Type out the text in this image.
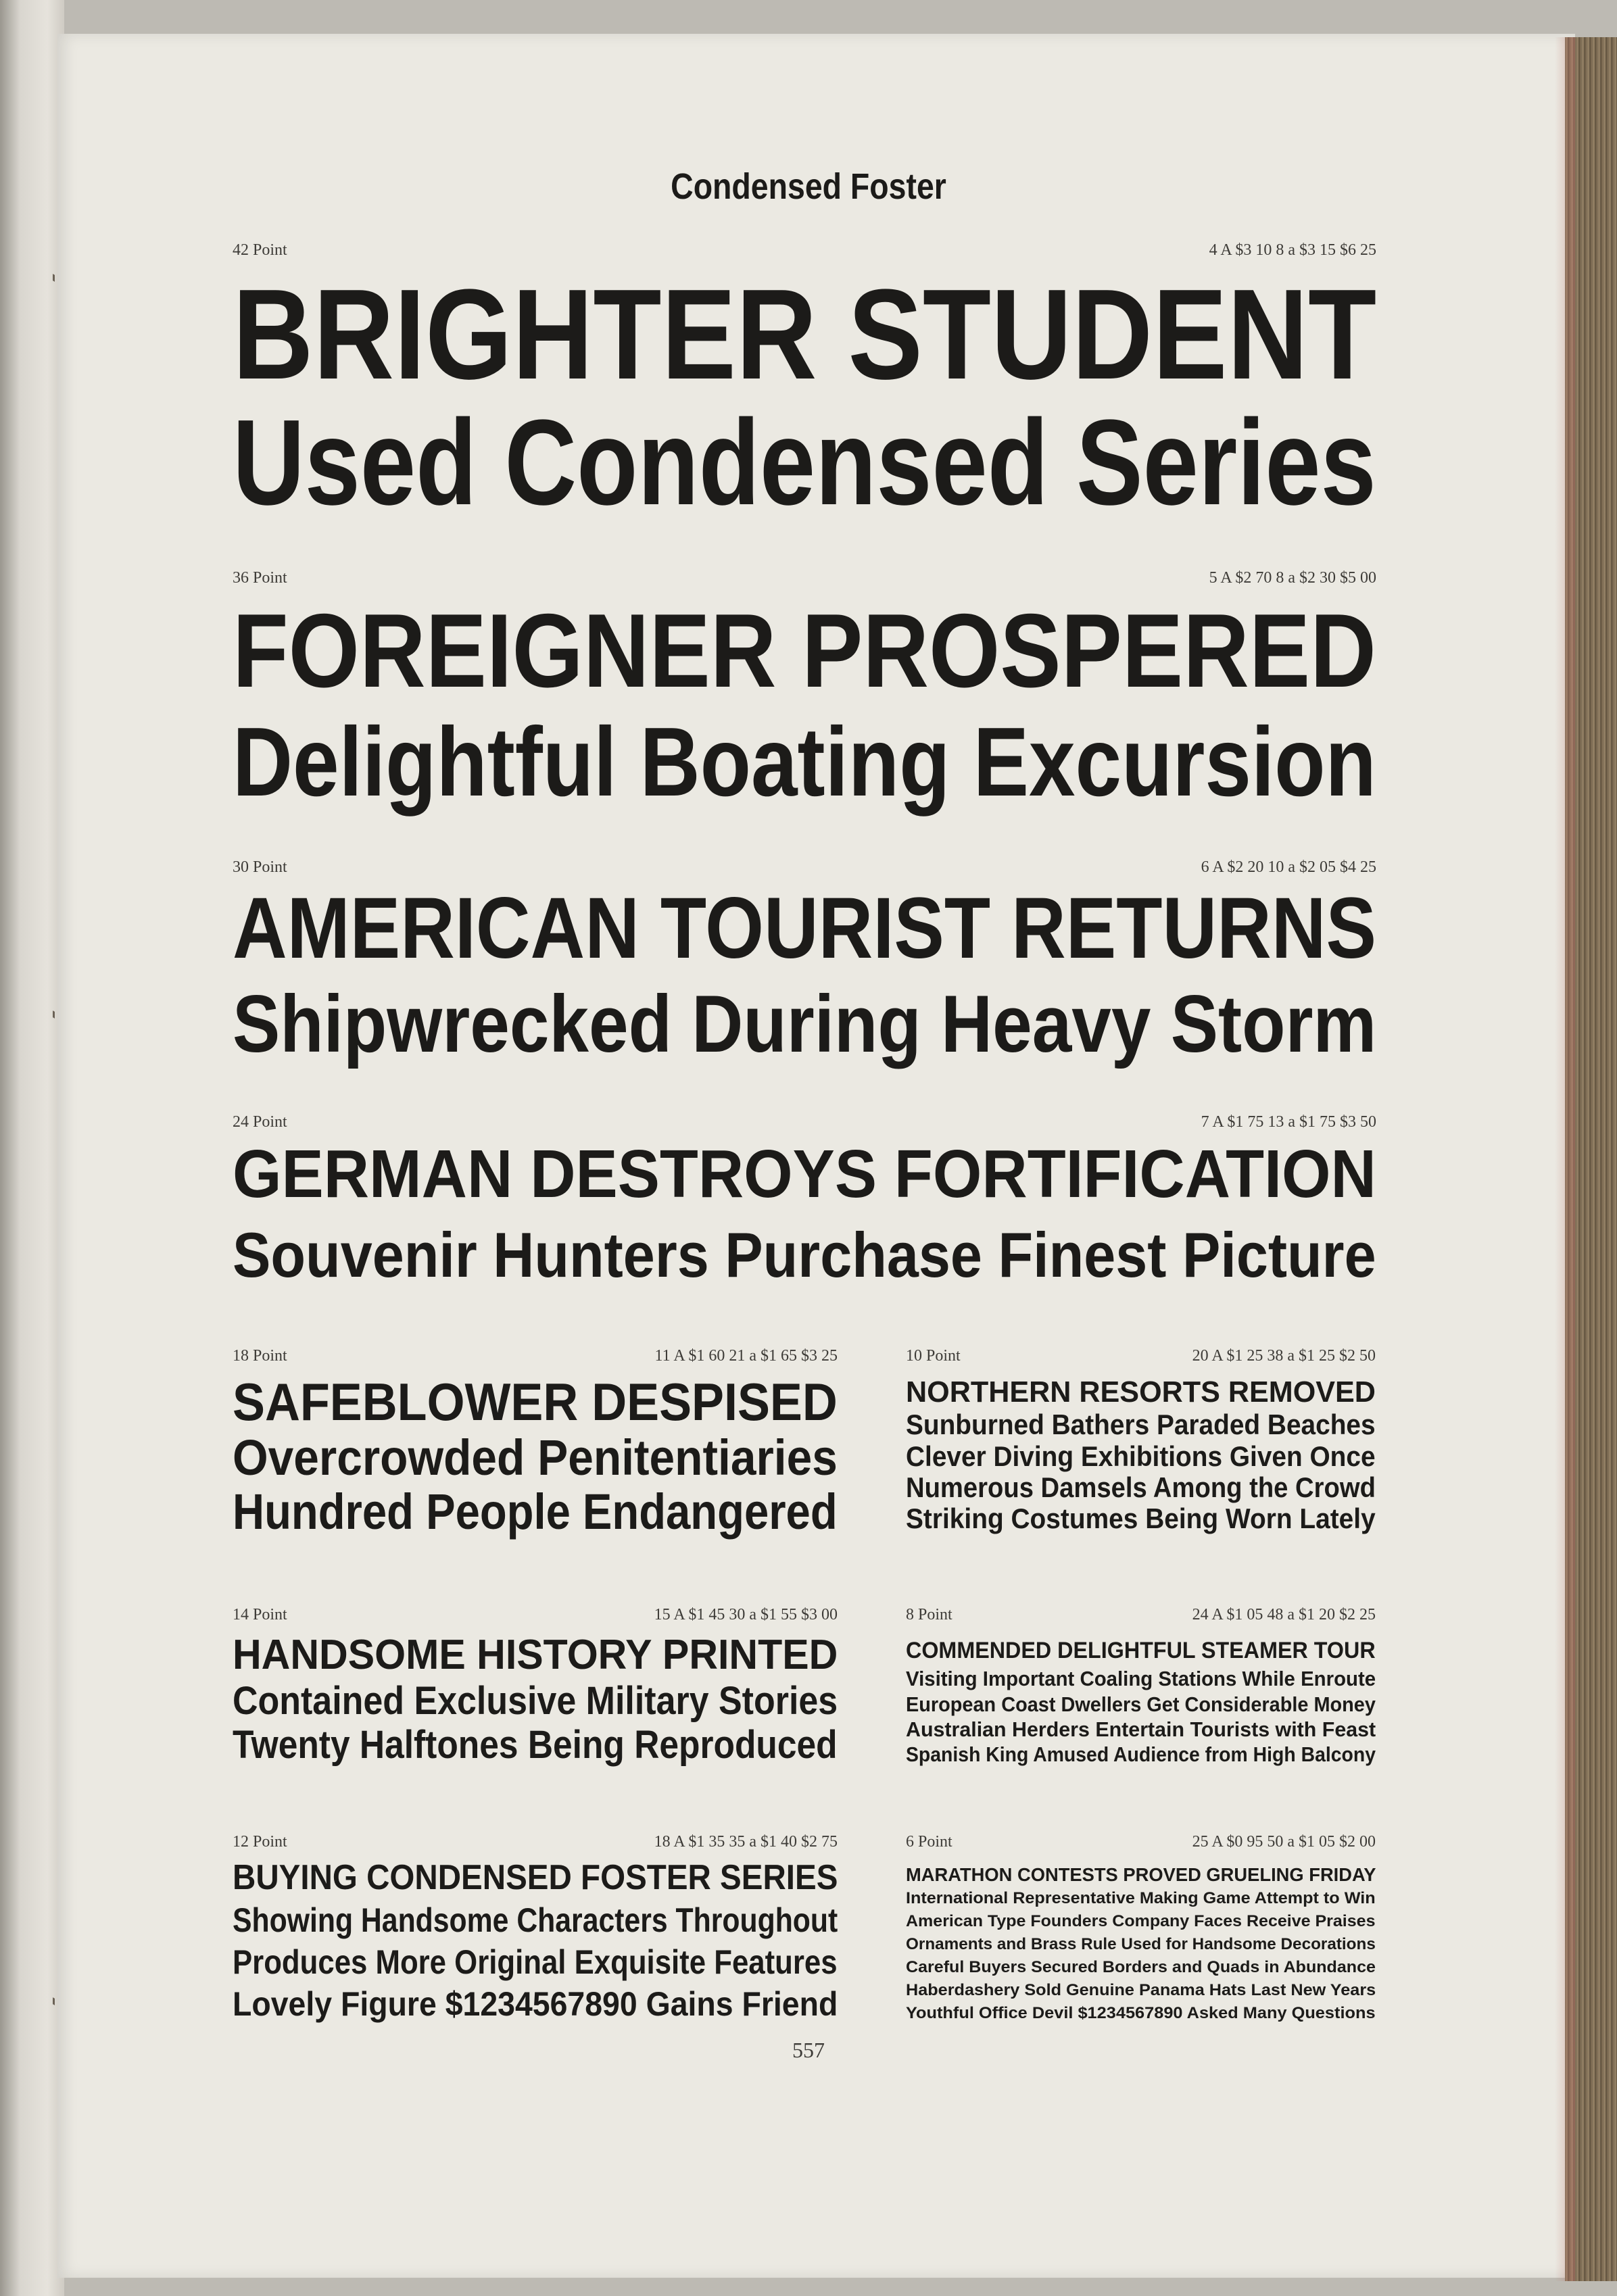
Condensed Foster
42 Point	4 A $3 10 8 a $3 15 $6 25
BRIGHTER STUDENT
Used Condensed Series
36 Point	5 A $2 70 8 a $2 30 $5 00
FOREIGNER PROSPERED
Delightful Boating Excursion
30 Point	6 A $2 20 10 a $2 05 $4 25
AMERICAN TOURIST RETURNS
Shipwrecked During Heavy Storm
24 Point	7 A $1 75 13 a $1 75 $3 50
GERMAN DESTROYS FORTIFICATION
Souvenir Hunters Purchase Finest Picture
18 Point	11 A $1 60 21 a $1 65 $3 25
SAFEBLOWER DESPISED
Overcrowded Penitentiaries
Hundred People Endangered
10 Point	20 A $1 25 38 a $1 25 $2 50
NORTHERN RESORTS REMOVED
Sunburned Bathers Paraded Beaches
Clever Diving Exhibitions Given Once
Numerous Damsels Among the Crowd
Striking Costumes Being Worn Lately
14 Point	15 A $1 45 30 a $1 55 $3 00
HANDSOME HISTORY PRINTED
Contained Exclusive Military Stories
Twenty Halftones Being Reproduced
8 Point	24 A $1 05 48 a $1 20 $2 25
COMMENDED DELIGHTFUL STEAMER TOUR
Visiting Important Coaling Stations While Enroute
European Coast Dwellers Get Considerable Money
Australian Herders Entertain Tourists with Feast
Spanish King Amused Audience from High Balcony
12 Point	18 A $1 35 35 a $1 40 $2 75
BUYING CONDENSED FOSTER SERIES
Showing Handsome Characters Throughout
Produces More Original Exquisite Features
Lovely Figure $1234567890 Gains Friend
6 Point	25 A $0 95 50 a $1 05 $2 00
MARATHON CONTESTS PROVED GRUELING FRIDAY
International Representative Making Game Attempt to Win
American Type Founders Company Faces Receive Praises
Ornaments and Brass Rule Used for Handsome Decorations
Careful Buyers Secured Borders and Quads in Abundance
Haberdashery Sold Genuine Panama Hats Last New Years
Youthful Office Devil $1234567890 Asked Many Questions
557
